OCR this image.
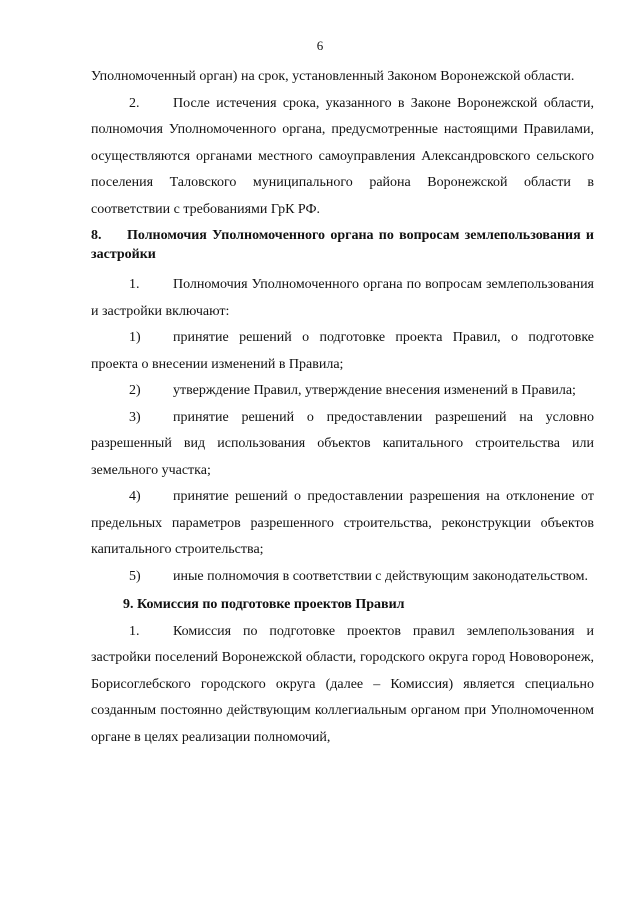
6

Уполномоченный орган) на срок, установленный Законом Воронежской области.

2. После истечения срока, указанного в Законе Воронежской области, полномочия Уполномоченного органа, предусмотренные настоящими Правилами, осуществляются органами местного самоуправления Александровского сельского поселения Таловского муниципального района Воронежской области в соответствии с требованиями ГрК РФ.

8. Полномочия Уполномоченного органа по вопросам землепользования и застройки

1. Полномочия Уполномоченного органа по вопросам землепользования и застройки включают:

1) принятие решений о подготовке проекта Правил, о подготовке проекта о внесении изменений в Правила;

2) утверждение Правил, утверждение внесения изменений в Правила;

3) принятие решений о предоставлении разрешений на условно разрешенный вид использования объектов капитального строительства или земельного участка;

4) принятие решений о предоставлении разрешения на отклонение от предельных параметров разрешенного строительства, реконструкции объектов капитального строительства;

5) иные полномочия в соответствии с действующим законодательством.

9. Комиссия по подготовке проектов Правил

1. Комиссия по подготовке проектов правил землепользования и застройки поселений Воронежской области, городского округа город Нововоронеж, Борисоглебского городского округа (далее – Комиссия) является специально созданным постоянно действующим коллегиальным органом при Уполномоченном органе в целях реализации полномочий,
